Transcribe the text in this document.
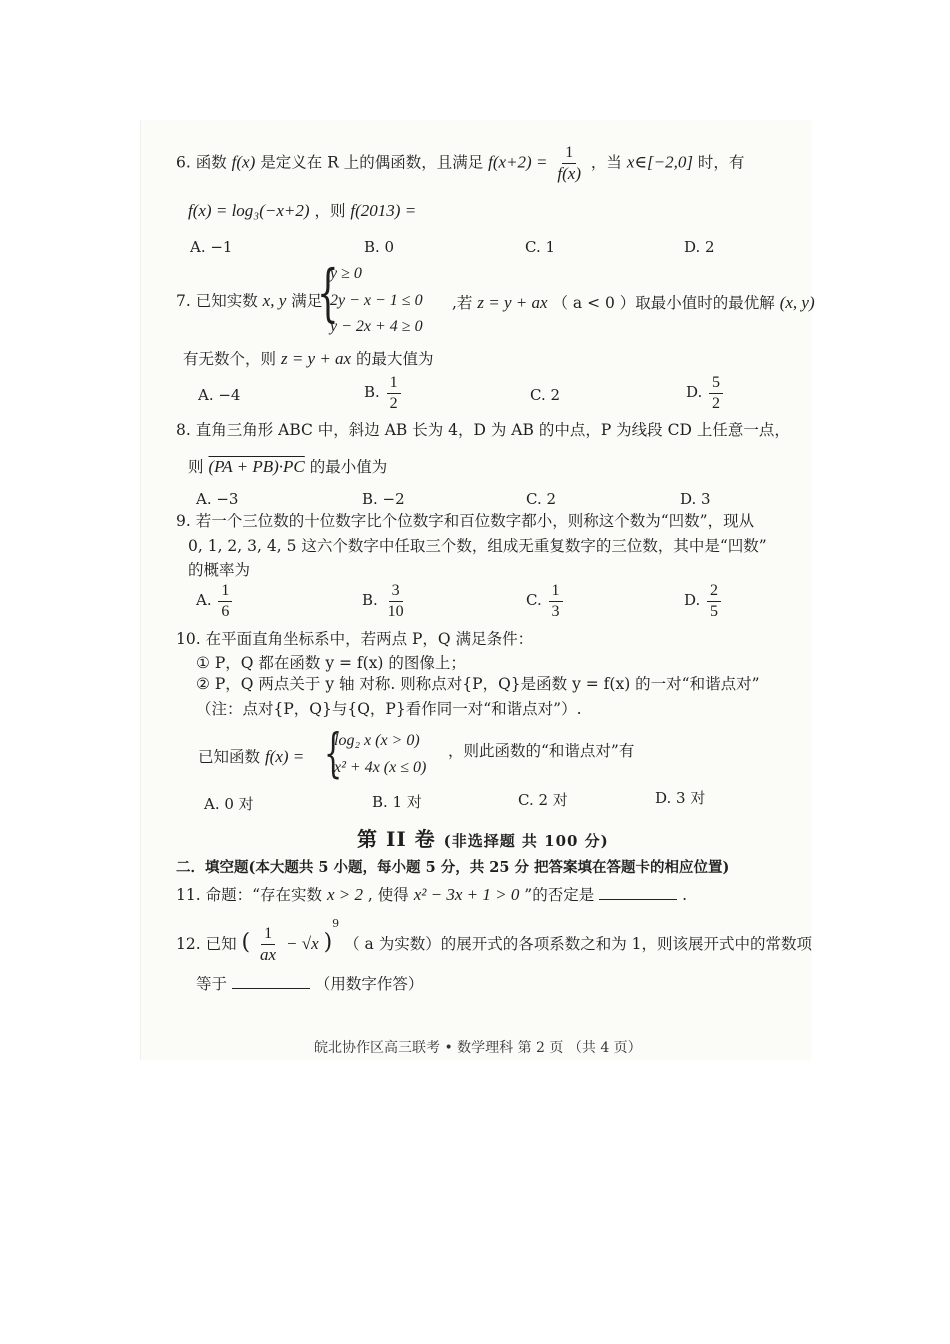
6. 函数 f(x) 是定义在 R 上的偶函数，且满足 $f(x+2) = \frac{1}{f(x)}$ ，当 x∈[−2,0] 时，有
f(x) = log₃(−x+2) ，则 f(2013) =
A. −1	B. 0	C. 1	D. 2
7. 已知实数 x, y 满足
{
y ≥ 0
2y − x − 1 ≤ 0
y − 2x + 4 ≥ 0
,若 z = y + ax （ a < 0 ）取最小值时的最优解 (x, y)
有无数个，则 z = y + ax 的最大值为
A. −4	B. $\frac{1}{2}$	C. 2	D. $\frac{5}{2}$
8. 直角三角形 ABC 中，斜边 AB 长为 4，D 为 AB 的中点，P 为线段 CD 上任意一点，
则 (PA + PB)·PC 的最小值为
A. −3	B. −2	C. 2	D. 3
9. 若一个三位数的十位数字比个位数字和百位数字都小，则称这个数为“凹数”，现从
0, 1, 2, 3, 4, 5 这六个数字中任取三个数，组成无重复数字的三位数，其中是“凹数”
的概率为
A. $\frac{1}{6}$	B. $\frac{3}{10}$	C. $\frac{1}{3}$	D. $\frac{2}{5}$
10. 在平面直角坐标系中，若两点 P，Q 满足条件：
① P，Q 都在函数 y = f(x) 的图像上；
② P，Q 两点关于 y 轴 对称. 则称点对{P，Q}是函数 y = f(x) 的一对“和谐点对”
（注：点对{P，Q}与{Q，P}看作同一对“和谐点对”）.
已知函数 f(x) = {
log₂ x (x > 0)
x² + 4x (x ≤ 0)
，则此函数的“和谐点对”有
A. 0 对	B. 1 对	C. 2 对	D. 3 对
第 II 卷 (非选择题 共 100 分)
二．填空题(本大题共 5 小题，每小题 5 分，共 25 分 把答案填在答题卡的相应位置)
11. 命题：“存在实数 x > 2 , 使得 x² − 3x + 1 > 0 ”的否定是	.
12. 已知 ( $\frac{1}{ax} - √x$ )$^9$ （ a 为实数）的展开式的各项系数之和为 1，则该展开式中的常数项
等于	（用数字作答）
皖北协作区高三联考 • 数学理科 第 2 页 （共 4 页）
